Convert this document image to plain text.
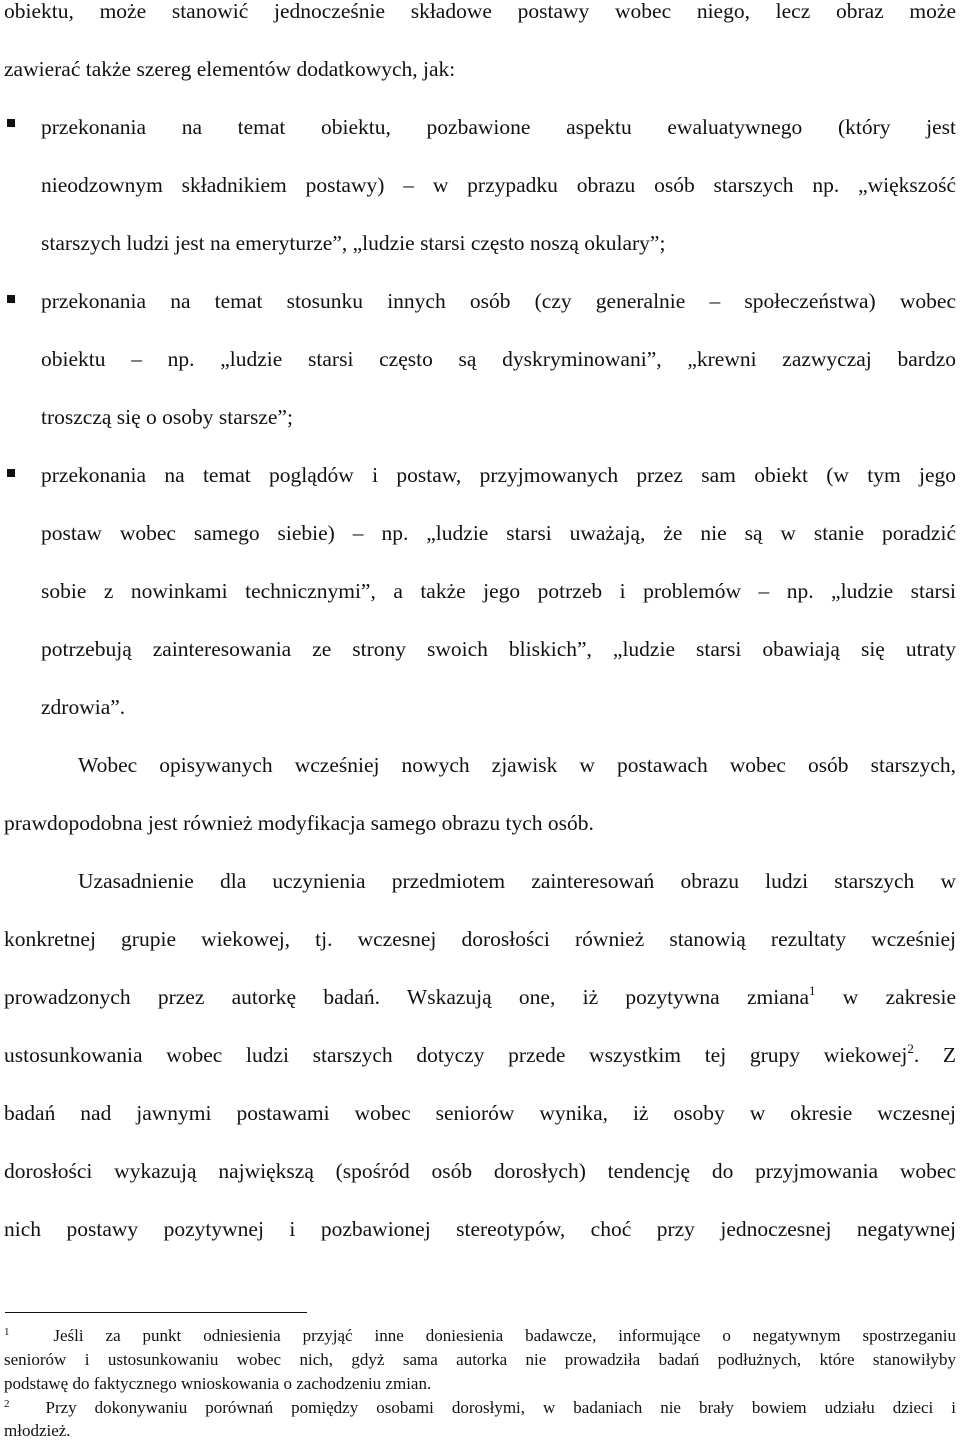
obiektu, może stanowić jednocześnie składowe postawy wobec niego, lecz obraz może
zawierać także szereg elementów dodatkowych, jak:
przekonania na temat obiektu, pozbawione aspektu ewaluatywnego (który jest
nieodzownym składnikiem postawy) – w przypadku obrazu osób starszych np. „większość
starszych ludzi jest na emeryturze”, „ludzie starsi często noszą okulary”;
przekonania na temat stosunku innych osób (czy generalnie – społeczeństwa) wobec
obiektu – np. „ludzie starsi często są dyskryminowani”, „krewni zazwyczaj bardzo
troszczą się o osoby starsze”;
przekonania na temat poglądów i postaw, przyjmowanych przez sam obiekt (w tym jego
postaw wobec samego siebie) – np. „ludzie starsi uważają, że nie są w stanie poradzić
sobie z nowinkami technicznymi”, a także jego potrzeb i problemów – np. „ludzie starsi
potrzebują zainteresowania ze strony swoich bliskich”, „ludzie starsi obawiają się utraty
zdrowia”.
Wobec opisywanych wcześniej nowych zjawisk w postawach wobec osób starszych,
prawdopodobna jest również modyfikacja samego obrazu tych osób.
Uzasadnienie dla uczynienia przedmiotem zainteresowań obrazu ludzi starszych w
konkretnej grupie wiekowej, tj. wczesnej dorosłości również stanowią rezultaty wcześniej
prowadzonych przez autorkę badań. Wskazują one, iż pozytywna zmiana$^1$ w zakresie
ustosunkowania wobec ludzi starszych dotyczy przede wszystkim tej grupy wiekowej$^2$. Z
badań nad jawnymi postawami wobec seniorów wynika, iż osoby w okresie wczesnej
dorosłości wykazują największą (spośród osób dorosłych) tendencję do przyjmowania wobec
nich postawy pozytywnej i pozbawionej stereotypów, choć przy jednoczesnej negatywnej
$^1$	Jeśli za punkt odniesienia przyjąć inne doniesienia badawcze, informujące o negatywnym spostrzeganiu
seniorów i ustosunkowaniu wobec nich, gdyż sama autorka nie prowadziła badań podłużnych, które stanowiłyby
podstawę do faktycznego wnioskowania o zachodzeniu zmian.
$^2$ Przy dokonywaniu porównań pomiędzy osobami dorosłymi, w badaniach nie brały bowiem udziału dzieci i
młodzież.
